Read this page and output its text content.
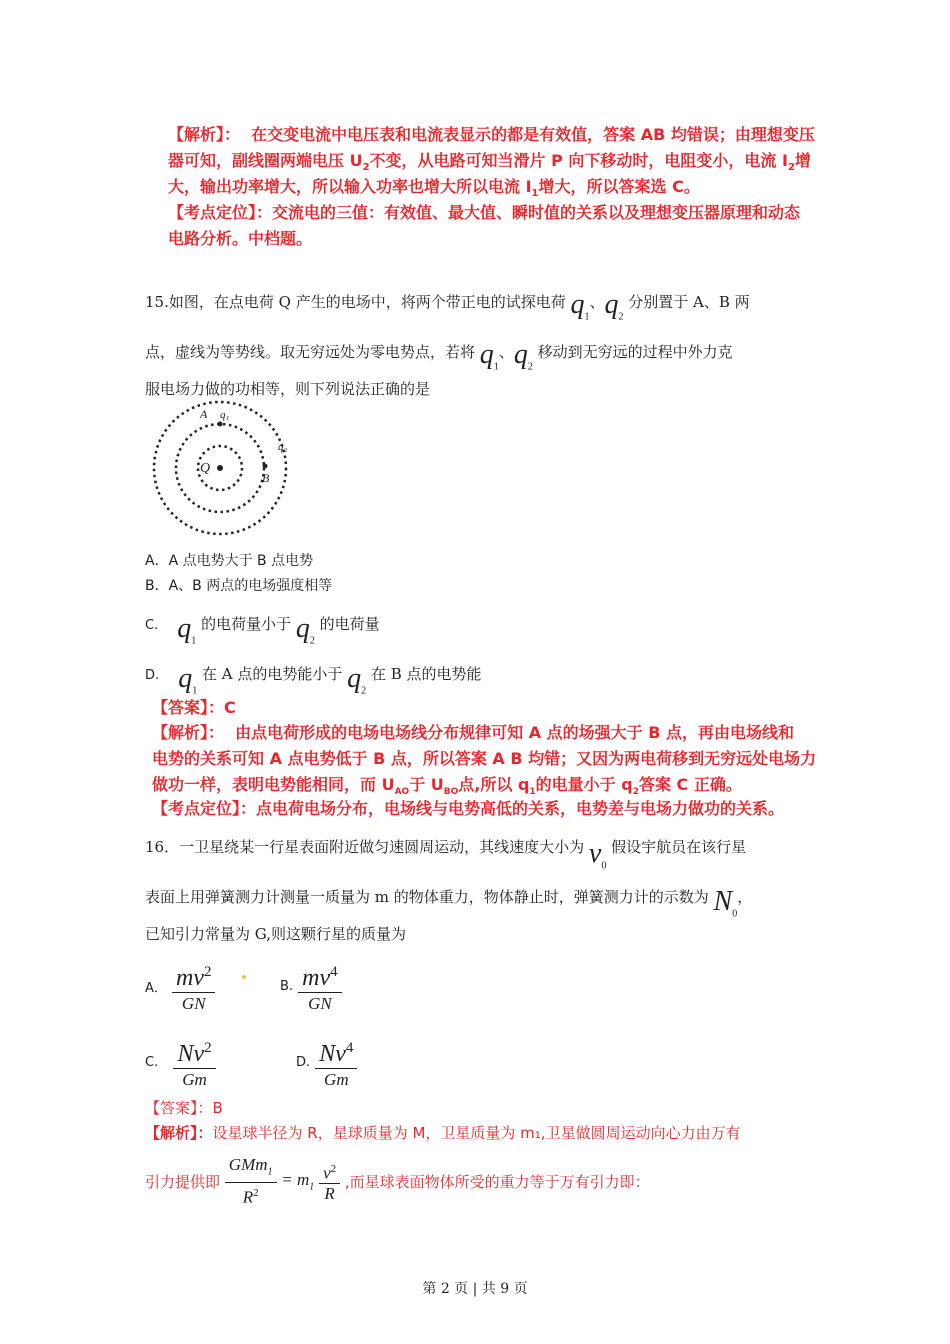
【解析】： 在交变电流中电压表和电流表显示的都是有效值，答案 AB 均错误；由理想变压
器可知，副线圈两端电压 $U_2$不变，从电路可知当滑片 P 向下移动时，电阻变小，电流 $I_2$增
大，输出功率增大，所以输入功率也增大所以电流 $I_1$增大，所以答案选 C。
【考点定位】：交流电的三值：有效值、最大值、瞬时值的关系以及理想变压器原理和动态
电路分析。中档题。
15.如图，在点电荷 Q 产生的电场中，将两个带正电的试探电荷 $q_1$、$q_2$ 分别置于 A、B 两
点，虚线为等势线。取无穷远处为零电势点，若将 $q_1$、$q_2$ 移动到无穷远的过程中外力克
服电场力做的功相等，则下列说法正确的是
A q₁
q₂
B
Q
A．A 点电势大于 B 点电势
B．A、B 两点的电场强度相等
C. $q_1$ 的电荷量小于 $q_2$ 的电荷量
D. $q_1$ 在 A 点的电势能小于 $q_2$ 在 B 点的电势能
【答案】：C
【解析】： 由点电荷形成的电场电场线分布规律可知 A 点的场强大于 B 点，再由电场线和
电势的关系可知 A 点电势低于 B 点，所以答案 A B 均错；又因为两电荷移到无穷远处电场力
做功一样，表明电势能相同，而 $U_{AO}$于 $U_{BO}$点,所以 $q_1$的电量小于 $q_2$答案 C 正确。
【考点定位】：点电荷电场分布，电场线与电势高低的关系，电势差与电场力做功的关系。
16．一卫星绕某一行星表面附近做匀速圆周运动，其线速度大小为 $v_0$ 假设宇航员在该行星
表面上用弹簧测力计测量一质量为 m 的物体重力，物体静止时，弹簧测力计的示数为 $N_0$，
已知引力常量为 G,则这颗行星的质量为
A． $\frac{mv^2}{GN}$	B. $\frac{mv^4}{GN}$
C. $\frac{Nv^2}{Gm}$	D. $\frac{Nv^4}{Gm}$
【答案】：B
【解析】：设星球半径为 R，星球质量为 M，卫星质量为 m₁,卫星做圆周运动向心力由万有
引力提供即 $\frac{GMm_1}{R^2} = m_1 \frac{v^2}{R}$ ,而星球表面物体所受的重力等于万有引力即：
第 2 页 | 共 9 页
